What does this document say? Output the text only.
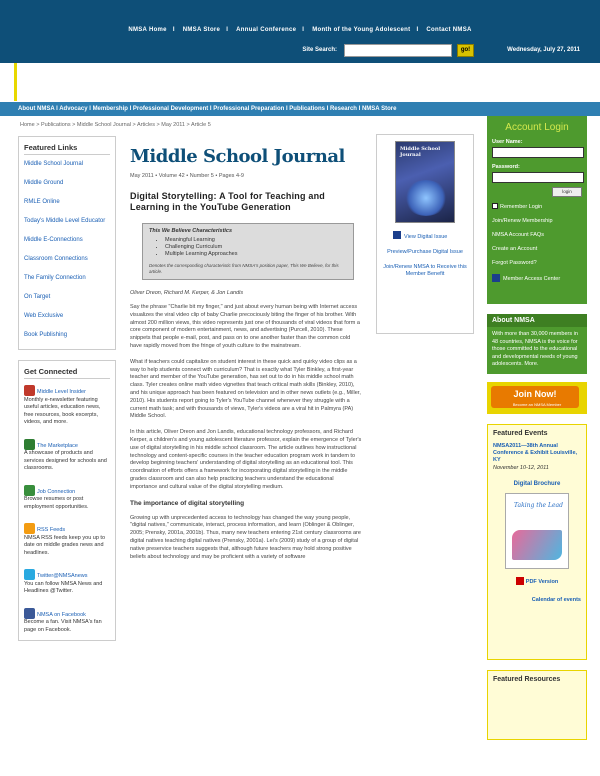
NMSA Home I NMSA Store I Annual Conference I Month of the Young Adolescent I Contact NMSA
Site Search:	go!	Wednesday, July 27, 2011
About NMSA I Advocacy I Membership I Professional Development I Professional Preparation I Publications I Research I NMSA Store
Home > Publications > Middle School Journal > Articles > May 2011 > Article 5
Featured Links
Middle School Journal
Middle Ground
RMLE Online
Today's Middle Level Educator
Middle E-Connections
Classroom Connections
The Family Connection
On Target
Web Exclusive
Book Publishing
Get Connected
Middle Level Insider
Monthly e-newsletter featuring useful articles, education news, free resources, book excerpts, videos, and more.
The Marketplace
A showcase of products and services designed for schools and classrooms.
Job Connection
Browse resumes or post employment opportunities.
RSS Feeds
NMSA RSS feeds keep you up to date on middle grades news and headlines.
Twitter@NMSAnews
You can follow NMSA News and Headlines @Twitter.
NMSA on Facebook
Become a fan. Visit NMSA's fan page on Facebook.
Middle School Journal
May 2011 • Volume 42 • Number 5 • Pages 4-9
Digital Storytelling: A Tool for Teaching and Learning in the YouTube Generation
This We Believe Characteristics
• Meaningful Learning
• Challenging Curriculum
• Multiple Learning Approaches
Denotes the corresponding characteristic from NMSA's position paper, This We Believe, for this article.
Oliver Dreon, Richard M. Kerper, & Jon Landis
Say the phrase "Charlie bit my finger," and just about every human being with Internet access visualizes the viral video clip of baby Charlie precociously biting the finger of his brother. With almost 200 million views, this video represents just one of thousands of viral videos that form a core component of modern entertainment, news, and advertising (Purcell, 2010). These snippets that people e-mail, post, and pass on to one another faster than the common cold have rapidly moved from the fringe of youth culture to the mainstream.
What if teachers could capitalize on student interest in these quick and quirky video clips as a way to help students connect with curriculum? That is exactly what Tyler Binkley, a first-year teacher and member of the YouTube generation, has set out to do in his middle school math class. Tyler creates online math video vignettes that teach critical math skills (Binkley, 2010), and his unique approach has been featured on television and in other news outlets (e.g., Miller, 2010). His students report going to Tyler's YouTube channel whenever they struggle with a current math task; and with thousands of views, Tyler's videos are a viral hit in Palmyra (PA) Middle School.
In this article, Oliver Dreon and Jon Landis, educational technology professors, and Richard Kerper, a children's and young adolescent literature professor, explain the emergence of Tyler's use of digital storytelling in his middle school classroom. The article outlines how instructional technology and content-specific courses in the teacher education program work in tandem to develop beginning teachers' understanding of digital storytelling as an educational tool. This coordination of efforts offers a framework for incorporating digital storytelling in the middle grades classroom and can also help practicing teachers understand the educational importance and cultural value of the digital storytelling medium.
The importance of digital storytelling
Growing up with unprecedented access to technology has changed the way young people, "digital natives," communicate, interact, process information, and learn (Oblinger & Oblinger, 2005; Prensky, 2001a, 2001b). Thus, many new teachers entering 21st century classrooms are digital natives teaching digital natives (Prensky, 2001a). Lei's (2009) study of a group of digital native preservice teachers suggests that, although future teachers may hold strong positive beliefs about technology and may be proficient with a variety of software
Middle School Journal
View Digital Issue
Preview/Purchase Digital Issue
Join/Renew NMSA to Receive this Member Benefit
Account Login
User Name:
Password:
login
Remember Login
Join/Renew Membership
NMSA Account FAQs
Create an Account
Forgot Password?
Member Access Center
About NMSA

With more than 30,000 members in 48 countries, NMSA is the voice for those committed to the educational and developmental needs of young adolescents. More.

Join Now!
Become an NMSA Member
Featured Events
NMSA2011—38th Annual Conference & Exhibit Louisville, KY
November 10-12, 2011
Digital Brochure
Taking the Lead
PDF Version
Calendar of events
Featured Resources
